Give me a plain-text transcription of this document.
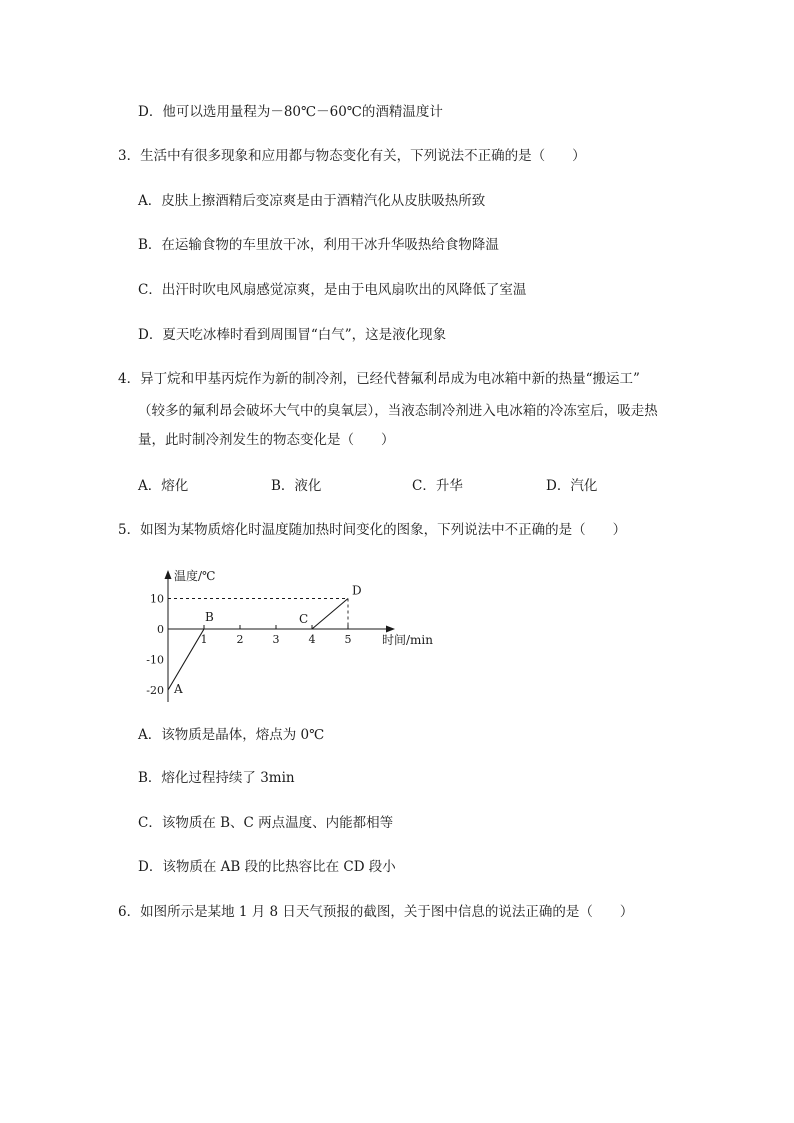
D．他可以选用量程为－80℃－60℃的酒精温度计
3．生活中有很多现象和应用都与物态变化有关，下列说法不正确的是（　　）
A．皮肤上擦酒精后变凉爽是由于酒精汽化从皮肤吸热所致
B．在运输食物的车里放干冰，利用干冰升华吸热给食物降温
C．出汗时吹电风扇感觉凉爽，是由于电风扇吹出的风降低了室温
D．夏天吃冰棒时看到周围冒“白气”，这是液化现象
4．异丁烷和甲基丙烷作为新的制冷剂，已经代替氟利昂成为电冰箱中新的热量“搬运工”
（较多的氟利昂会破坏大气中的臭氧层），当液态制冷剂进入电冰箱的冷冻室后，吸走热
量，此时制冷剂发生的物态变化是（　　）
A．熔化	B．液化	C．升华	D．汽化
5．如图为某物质熔化时温度随加热时间变化的图象，下列说法中不正确的是（　　）
1	2	3	4	5
10
0
-10
-20 A
B	C
D
温度/℃
时间/min
A．该物质是晶体，熔点为 0℃
B．熔化过程持续了 3min
C．该物质在 B、C 两点温度、内能都相等
D．该物质在 AB 段的比热容比在 CD 段小
6．如图所示是某地 1 月 8 日天气预报的截图，关于图中信息的说法正确的是（　　）
